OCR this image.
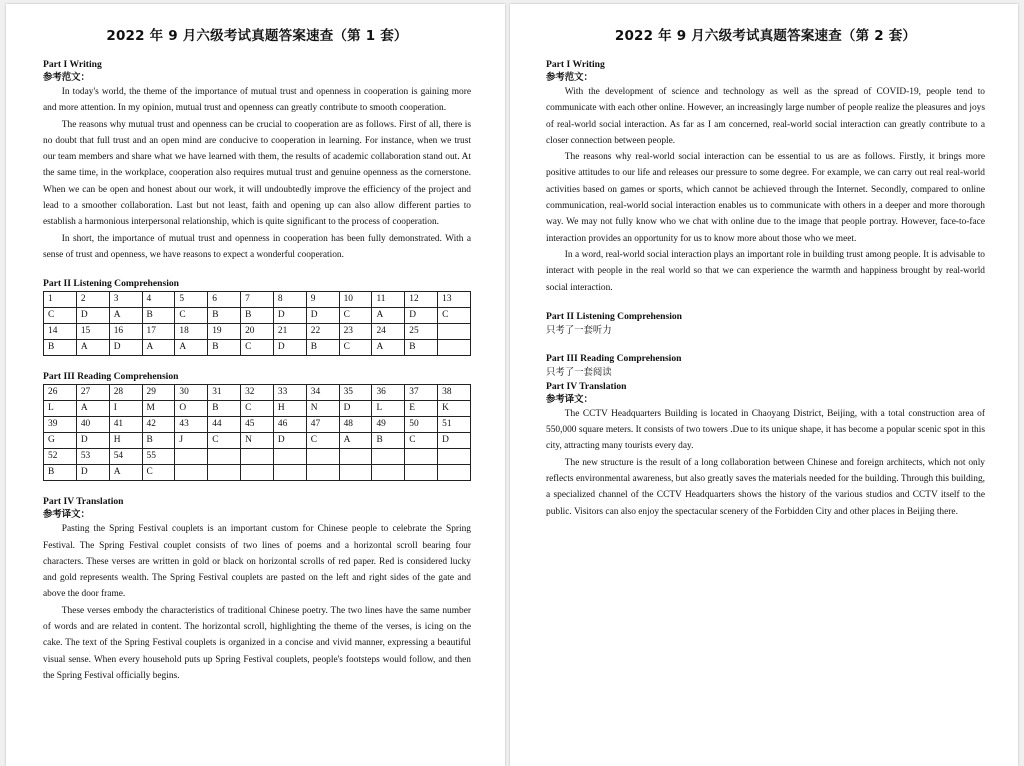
2022 年 9 月六级考试真题答案速查（第 1 套）
Part I Writing
参考范文：

In today's world, the theme of the importance of mutual trust and openness in cooperation is gaining more and more attention. In my opinion, mutual trust and openness can greatly contribute to smooth cooperation.

The reasons why mutual trust and openness can be crucial to cooperation are as follows. First of all, there is no doubt that full trust and an open mind are conducive to cooperation in learning. For instance, when we trust our team members and share what we have learned with them, the results of academic collaboration stand out. At the same time, in the workplace, cooperation also requires mutual trust and genuine openness as the cornerstone. When we can be open and honest about our work, it will undoubtedly improve the efficiency of the project and lead to a smoother collaboration. Last but not least, faith and opening up can also allow different parties to establish a harmonious interpersonal relationship, which is quite significant to the process of cooperation.

In short, the importance of mutual trust and openness in cooperation has been fully demonstrated. With a sense of trust and openness, we have reasons to expect a wonderful cooperation.

Part II Listening Comprehension
1	2	3	4	5	6	7	8	9	10	11	12	13
C	D	A	B	C	B	B	D	D	C	A	D	C
14	15	16	17	18	19	20	21	22	23	24	25	
B	A	D	A	A	B	C	D	B	C	A	B	
Part III Reading Comprehension
26	27	28	29	30	31	32	33	34	35	36	37	38
L	A	I	M	O	B	C	H	N	D	L	E	K
39	40	41	42	43	44	45	46	47	48	49	50	51
G	D	H	B	J	C	N	D	C	A	B	C	D
52	53	54	55									
B	D	A	C									
Part IV Translation
参考译文：

Pasting the Spring Festival couplets is an important custom for Chinese people to celebrate the Spring Festival. The Spring Festival couplet consists of two lines of poems and a horizontal scroll bearing four characters. These verses are written in gold or black on horizontal scrolls of red paper. Red is considered lucky and gold represents wealth. The Spring Festival couplets are pasted on the left and right sides of the gate and above the door frame.

These verses embody the characteristics of traditional Chinese poetry. The two lines have the same number of words and are related in content. The horizontal scroll, highlighting the theme of the verses, is icing on the cake. The text of the Spring Festival couplets is organized in a concise and vivid manner, expressing a beautiful visual sense. When every household puts up Spring Festival couplets, people's footsteps would follow, and then the Spring Festival officially begins.

2022 年 9 月六级考试真题答案速查（第 2 套）
Part I Writing
参考范文：

With the development of science and technology as well as the spread of COVID-19, people tend to communicate with each other online. However, an increasingly large number of people realize the pleasures and joys of real-world social interaction. As far as I am concerned, real-world social interaction can greatly contribute to a closer connection between people.

The reasons why real-world social interaction can be essential to us are as follows. Firstly, it brings more positive attitudes to our life and releases our pressure to some degree. For example, we can carry out real real-world activities based on games or sports, which cannot be achieved through the Internet. Secondly, compared to online communication, real-world social interaction enables us to communicate with others in a deeper and more thorough way. We may not fully know who we chat with online due to the image that people portray. However, face-to-face interaction provides an opportunity for us to know more about those who we meet.

In a word, real-world social interaction plays an important role in building trust among people. It is advisable to interact with people in the real world so that we can experience the warmth and happiness brought by real-world social interaction.

Part II Listening Comprehension
只考了一套听力
Part III Reading Comprehension
只考了一套阅读
Part IV Translation
参考译文：

The CCTV Headquarters Building is located in Chaoyang District, Beijing, with a total construction area of 550,000 square meters. It consists of two towers .Due to its unique shape, it has become a popular scenic spot in this city, attracting many tourists every day.

The new structure is the result of a long collaboration between Chinese and foreign architects, which not only reflects environmental awareness, but also greatly saves the materials needed for the building. Through this building, a specialized channel of the CCTV Headquarters shows the history of the various studios and CCTV itself to the public. Visitors can also enjoy the spectacular scenery of the Forbidden City and other places in Beijing there.
